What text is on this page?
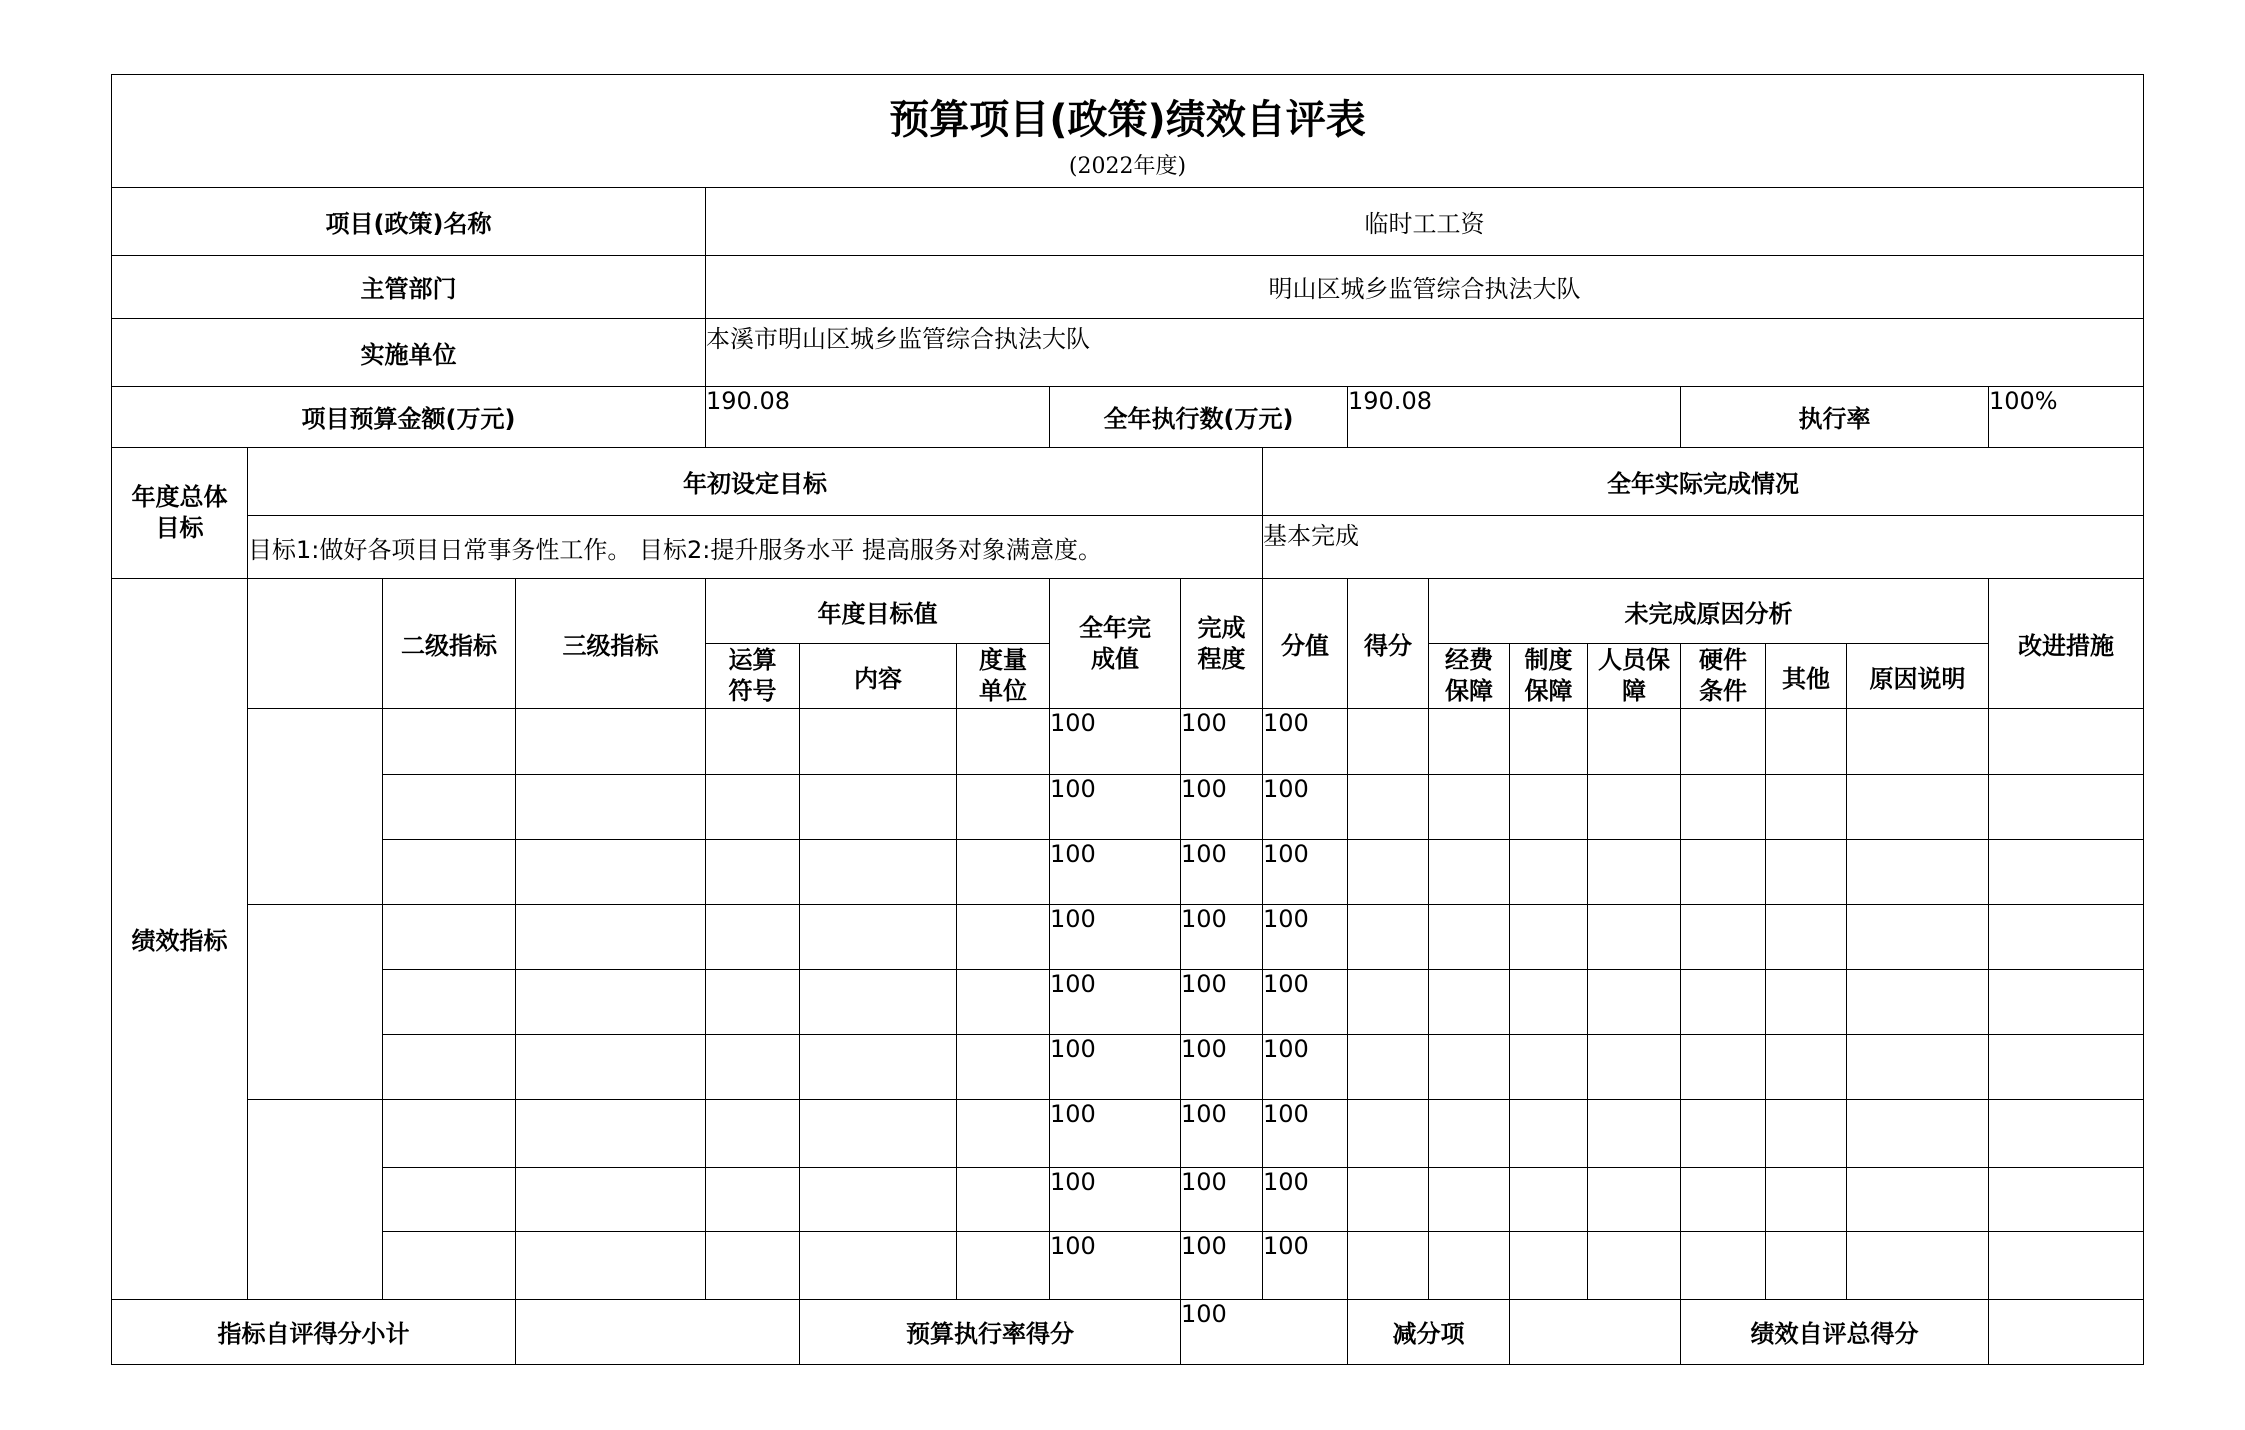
预算项目(政策)绩效自评表
(2022年度)																	

项目(政策)名称				临时工工资													
主管部门				明山区城乡监管综合执法大队													
实施单位				本溪市明山区城乡监管综合执法大队													
项目预算金额(万元)				190.08			全年执行数(万元)			190.08				执行率			100%
年度总体目标	年初设定目标								全年实际完成情况								
	目标1:做好各项目日常事务性工作。 目标2:提升服务水平 提高服务对象满意度。								基本完成								
绩效指标		二级指标	三级指标	年度目标值			全年完成值	完成程度	分值	得分	未完成原因分析						改进措施
				运算符号	内容	度量单位					经费保障	制度保障	人员保障	硬件条件	其他	原因说明	
							100	100	100								
							100	100	100								
							100	100	100								
							100	100	100								
							100	100	100								
							100	100	100								
							100	100	100								
							100	100	100								
							100	100	100								
指标自评得分小计					预算执行率得分			100		减分项				绩效自评总得分			
